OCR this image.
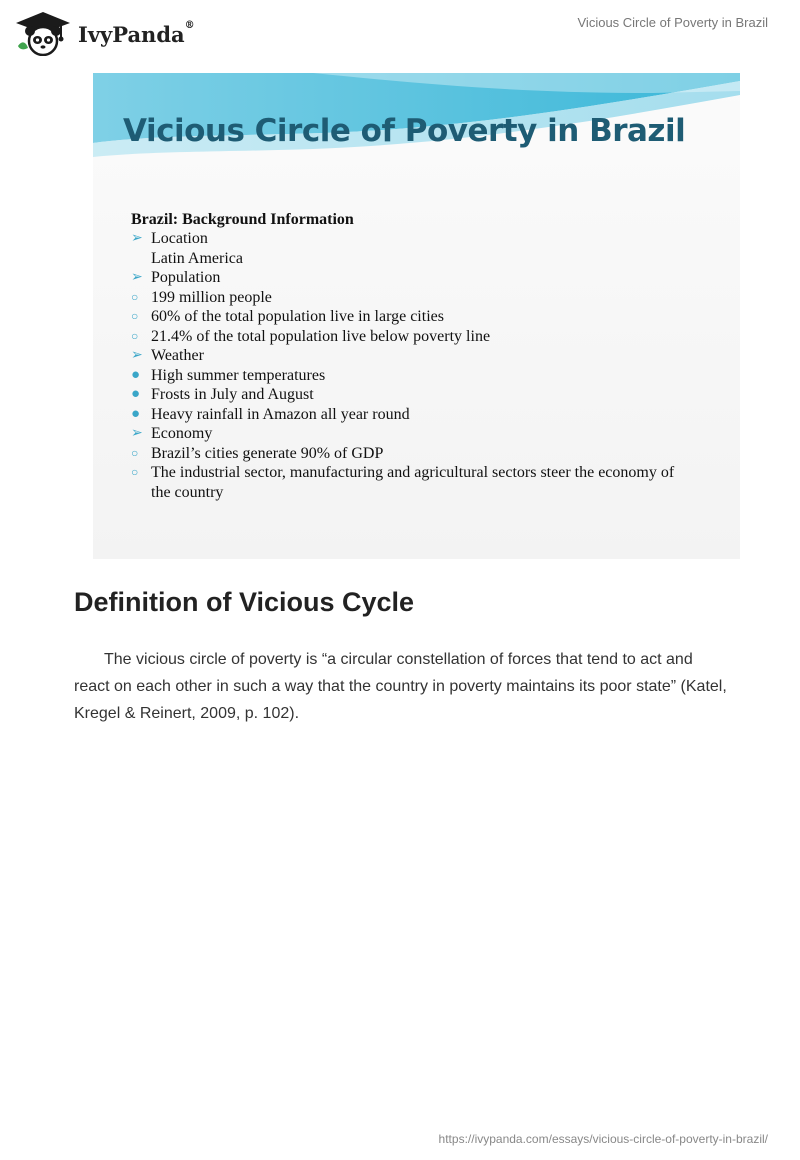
IvyPanda®	Vicious Circle of Poverty in Brazil
Vicious Circle of Poverty in Brazil
Brazil: Background Information
➢ Location
Latin America
➢ Population
○ 199 million people
○ 60% of the total population live in large cities
○ 21.4% of the total population live below poverty line
➢ Weather
● High summer temperatures
● Frosts in July and August
● Heavy rainfall in Amazon all year round
➢ Economy
○ Brazil’s cities generate 90% of GDP
○ The industrial sector, manufacturing and agricultural sectors steer the economy of the country
Definition of Vicious Cycle

The vicious circle of poverty is “a circular constellation of forces that tend to act and react on each other in such a way that the country in poverty maintains its poor state” (Katel, Kregel & Reinert, 2009, p. 102).

https://ivypanda.com/essays/vicious-circle-of-poverty-in-brazil/
